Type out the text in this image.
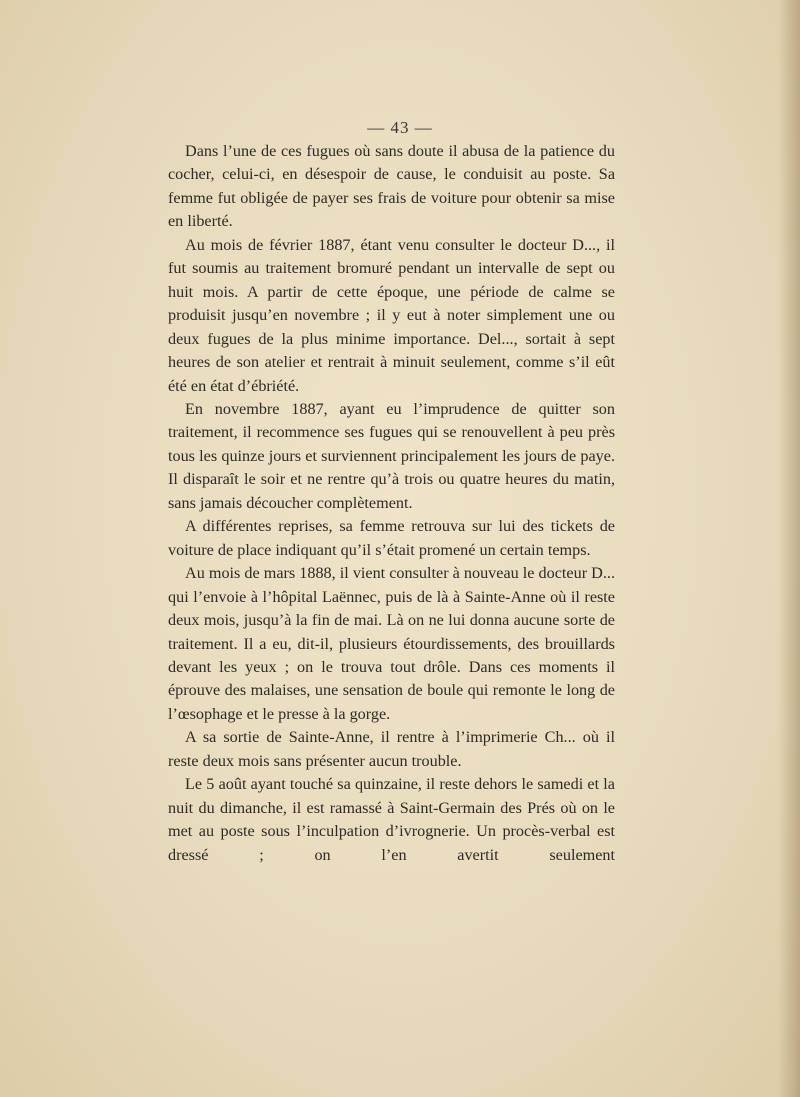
— 43 —

Dans l’une de ces fugues où sans doute il abusa de la patience du cocher, celui-ci, en désespoir de cause, le conduisit au poste. Sa femme fut obligée de payer ses frais de voiture pour obtenir sa mise en liberté.

Au mois de février 1887, étant venu consulter le docteur D..., il fut soumis au traitement bromuré pendant un intervalle de sept ou huit mois. A partir de cette époque, une période de calme se produisit jusqu’en novembre ; il y eut à noter simplement une ou deux fugues de la plus minime importance. Del..., sortait à sept heures de son atelier et rentrait à minuit seulement, comme s’il eût été en état d’ébriété.

En novembre 1887, ayant eu l’imprudence de quitter son traitement, il recommence ses fugues qui se renouvellent à peu près tous les quinze jours et surviennent principalement les jours de paye. Il disparaît le soir et ne rentre qu’à trois ou quatre heures du matin, sans jamais découcher complètement.

A différentes reprises, sa femme retrouva sur lui des tickets de voiture de place indiquant qu’il s’était promené un certain temps.

Au mois de mars 1888, il vient consulter à nouveau le docteur D... qui l’envoie à l’hôpital Laënnec, puis de là à Sainte-Anne où il reste deux mois, jusqu’à la fin de mai. Là on ne lui donna aucune sorte de traitement. Il a eu, dit-il, plusieurs étourdissements, des brouillards devant les yeux ; on le trouva tout drôle. Dans ces moments il éprouve des malaises, une sensation de boule qui remonte le long de l’œsophage et le presse à la gorge.

A sa sortie de Sainte-Anne, il rentre à l’imprimerie Ch... où il reste deux mois sans présenter aucun trouble.

Le 5 août ayant touché sa quinzaine, il reste dehors le samedi et la nuit du dimanche, il est ramassé à Saint-Germain des Prés où on le met au poste sous l’inculpation d’ivrognerie. Un procès-verbal est dressé ; on l’en avertit seulement
